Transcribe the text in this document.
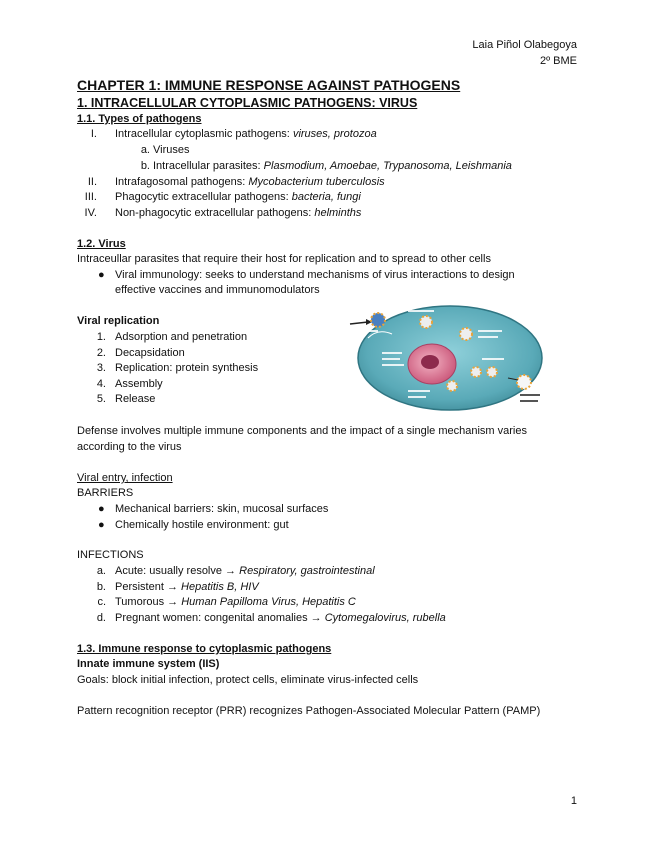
Laia Piñol Olabegoya
2º BME
CHAPTER 1: IMMUNE RESPONSE AGAINST PATHOGENS
1. INTRACELLULAR CYTOPLASMIC PATHOGENS: VIRUS
1.1. Types of pathogens
I. Intracellular cytoplasmic pathogens: viruses, protozoa
a. Viruses
b. Intracellular parasites: Plasmodium, Amoebae, Trypanosoma, Leishmania
II. Intrafagosomal pathogens: Mycobacterium tuberculosis
III. Phagocytic extracellular pathogens: bacteria, fungi
IV. Non-phagocytic extracellular pathogens: helminths
1.2. Virus
Intraceullar parasites that require their host for replication and to spread to other cells
● Viral immunology: seeks to understand mechanisms of virus interactions to design
effective vaccines and immunomodulators
Viral replication
1. Adsorption and penetration
2. Decapsidation
3. Replication: protein synthesis
4. Assembly
5. Release
Defense involves multiple immune components and the impact of a single mechanism varies
according to the virus
Viral entry, infection
BARRIERS
● Mechanical barriers: skin, mucosal surfaces
● Chemically hostile environment: gut
INFECTIONS
a. Acute: usually resolve → Respiratory, gastrointestinal
b. Persistent → Hepatitis B, HIV
c. Tumorous → Human Papilloma Virus, Hepatitis C
d. Pregnant women: congenital anomalies → Cytomegalovirus, rubella
1.3. Immune response to cytoplasmic pathogens
Innate immune system (IIS)
Goals: block initial infection, protect cells, eliminate virus-infected cells
Pattern recognition receptor (PRR) recognizes Pathogen-Associated Molecular Pattern (PAMP)
1
